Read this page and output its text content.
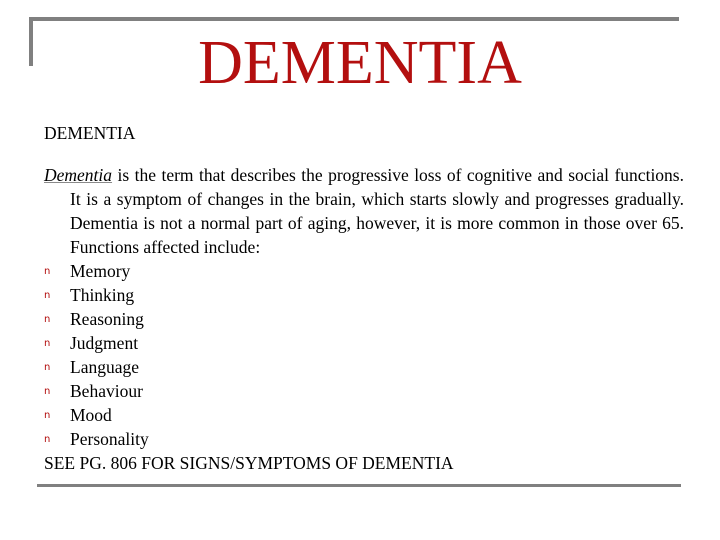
DEMENTIA
DEMENTIA
Dementia is the term that describes the progressive loss of cognitive and social functions. It is a symptom of changes in the brain, which starts slowly and progresses gradually. Dementia is not a normal part of aging, however, it is more common in those over 65. Functions affected include:
n	Memory
n	Thinking
n	Reasoning
n	Judgment
n	Language
n	Behaviour
n	Mood
n	Personality
SEE PG. 806 FOR SIGNS/SYMPTOMS OF DEMENTIA
